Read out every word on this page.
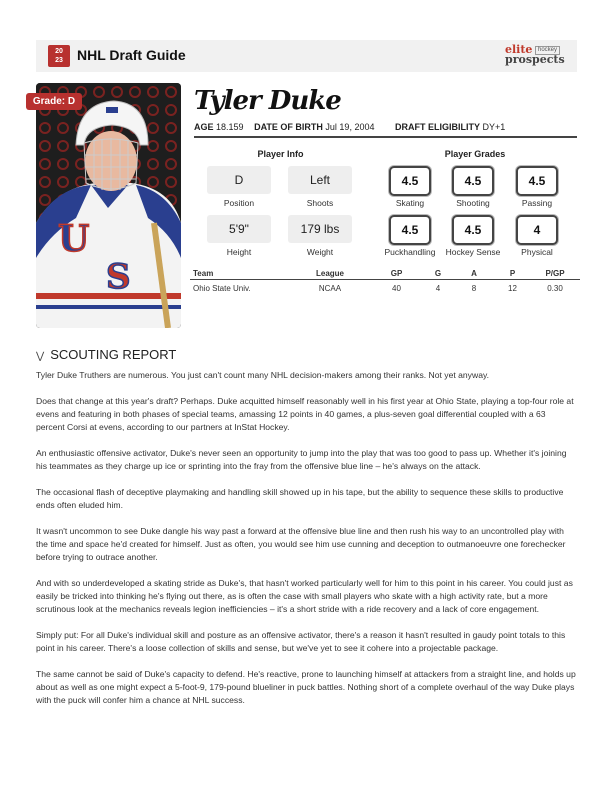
20
23	NHL Draft Guide	elite hockey
prospects
U
S
Grade: D	Tyler Duke
AGE 18.159 DATE OF BIRTH Jul 19, 2004 DRAFT ELIGIBILITY DY+1
Player Info
D
Position
Left
Shoots
5'9"
Height
179 lbs
Weight
Player Grades
4.5
Skating
4.5
Shooting
4.5
Passing
4.5
Puckhandling
4.5
Hockey Sense
4
Physical
Team	League	GP	G	A	P	P/GP
Ohio State Univ.	NCAA	40	4	8	12	0.30
⋁ SCOUTING REPORT

Tyler Duke Truthers are numerous. You just can't count many NHL decision-makers among their ranks. Not yet anyway.

Does that change at this year's draft? Perhaps. Duke acquitted himself reasonably well in his first year at Ohio State, playing a top-four role at evens and featuring in both phases of special teams, amassing 12 points in 40 games, a plus-seven goal differential coupled with a 63 percent Corsi at evens, according to our partners at InStat Hockey.

An enthusiastic offensive activator, Duke's never seen an opportunity to jump into the play that was too good to pass up. Whether it's joining his teammates as they charge up ice or sprinting into the fray from the offensive blue line – he's always on the attack.

The occasional flash of deceptive playmaking and handling skill showed up in his tape, but the ability to sequence these skills to productive ends often eluded him.

It wasn't uncommon to see Duke dangle his way past a forward at the offensive blue line and then rush his way to an uncontrolled play with the time and space he'd created for himself. Just as often, you would see him use cunning and deception to outmanoeuvre one forechecker before trying to outrace another.

And with so underdeveloped a skating stride as Duke's, that hasn't worked particularly well for him to this point in his career. You could just as easily be tricked into thinking he's flying out there, as is often the case with small players who skate with a high activity rate, but a more scrutinous look at the mechanics reveals legion inefficiencies – it's a short stride with a ride recovery and a lack of core engagement.

Simply put: For all Duke's individual skill and posture as an offensive activator, there's a reason it hasn't resulted in gaudy point totals to this point in his career. There's a loose collection of skills and sense, but we've yet to see it cohere into a projectable package.

The same cannot be said of Duke's capacity to defend. He's reactive, prone to launching himself at attackers from a straight line, and holds up about as well as one might expect a 5-foot-9, 179-pound blueliner in puck battles. Nothing short of a complete overhaul of the way Duke plays with the puck will confer him a chance at NHL success.
